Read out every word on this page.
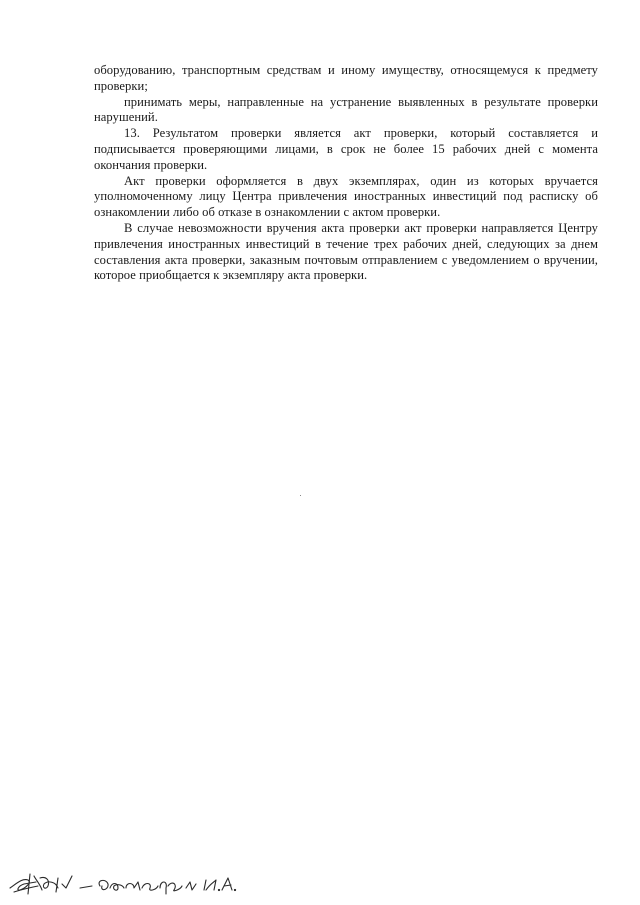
оборудованию, транспортным средствам и иному имуществу, относящемуся к предмету проверки;

принимать меры, направленные на устранение выявленных в результате проверки нарушений.

13. Результатом проверки является акт проверки, который составляется и подписывается проверяющими лицами, в срок не более 15 рабочих дней с момента окончания проверки.

Акт проверки оформляется в двух экземплярах, один из которых вручается уполномоченному лицу Центра привлечения иностранных инвестиций под расписку об ознакомлении либо об отказе в ознакомлении с актом проверки.

В случае невозможности вручения акта проверки акт проверки направляется Центру привлечения иностранных инвестиций в течение трех рабочих дней, следующих за днем составления акта проверки, заказным почтовым отправлением с уведомлением о вручении, которое приобщается к экземпляру акта проверки.
